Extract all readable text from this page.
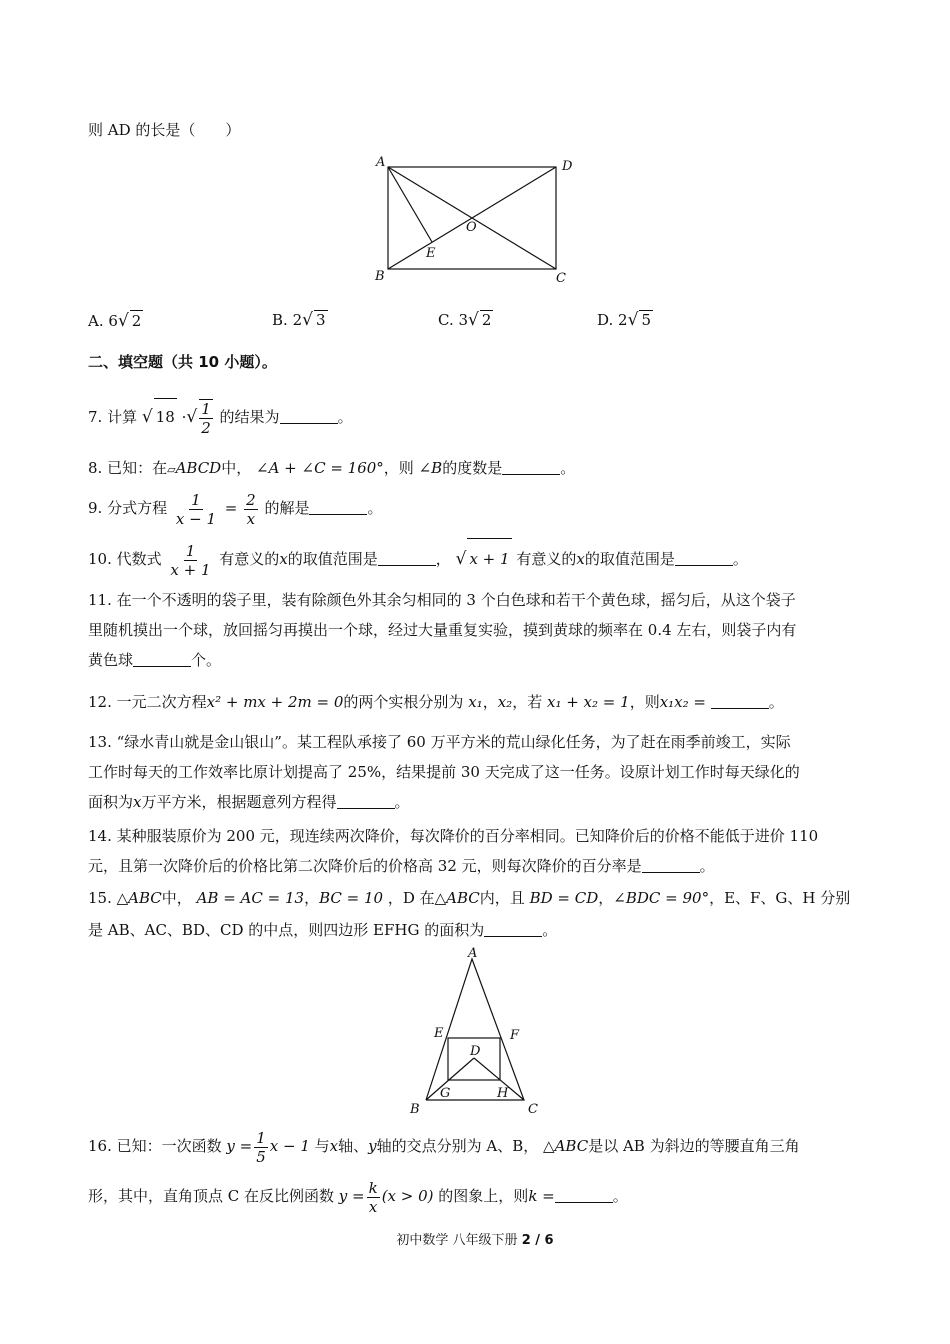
则 AD 的长是（　　）
A	D
O
E
B	C
A. 6√ 2	B. 2√ 3	C. 3√ 2	D. 2√ 5
二、填空题（共 10 小题）。
7. 计算 √ 18 ·√ $\frac{1}{2}$ 的结果为	。
8. 已知：在▱ABCD中， ∠A + ∠C = 160°，则 ∠B的度数是	。
9. 分式方程 $\frac{1}{x - 1} = \frac{2}{x}$ 的解是	。
10. 代数式 $\frac{1}{x + 1}$ 有意义的x的取值范围是	， √ x + 1 有意义的x的取值范围是	。
11. 在一个不透明的袋子里，装有除颜色外其余匀相同的 3 个白色球和若干个黄色球，摇匀后，从这个袋子
里随机摸出一个球，放回摇匀再摸出一个球，经过大量重复实验，摸到黄球的频率在 0.4 左右，则袋子内有
黄色球	个。
12. 一元二次方程x² + mx + 2m = 0的两个实根分别为 x₁，x₂，若 x₁ + x₂ = 1，则x₁x₂ =	。
13. “绿水青山就是金山银山”。某工程队承接了 60 万平方米的荒山绿化任务，为了赶在雨季前竣工，实际
工作时每天的工作效率比原计划提高了 25%，结果提前 30 天完成了这一任务。设原计划工作时每天绿化的
面积为x万平方米，根据题意列方程得	。
14. 某种服装原价为 200 元，现连续两次降价，每次降价的百分率相同。已知降价后的价格不能低于进价 110
元，且第一次降价后的价格比第二次降价后的价格高 32 元，则每次降价的百分率是	。
15. △ABC中， AB = AC = 13，BC = 10 ，D 在△ABC内，且 BD = CD，∠BDC = 90°，E、F、G、H 分别
是 AB、AC、BD、CD 的中点，则四边形 EFHG 的面积为	。
A
E	F
D
G	H
B	C
16. 已知：一次函数 $y = \frac{1}{5}$ x − 1 与x轴、y轴的交点分别为 A、B， △ABC是以 AB 为斜边的等腰直角三角
形，其中，直角顶点 C 在反比例函数 $y = \frac{k}{x} (x > 0)$ 的图象上，则k =	。
初中数学 八年级下册 2 / 6
